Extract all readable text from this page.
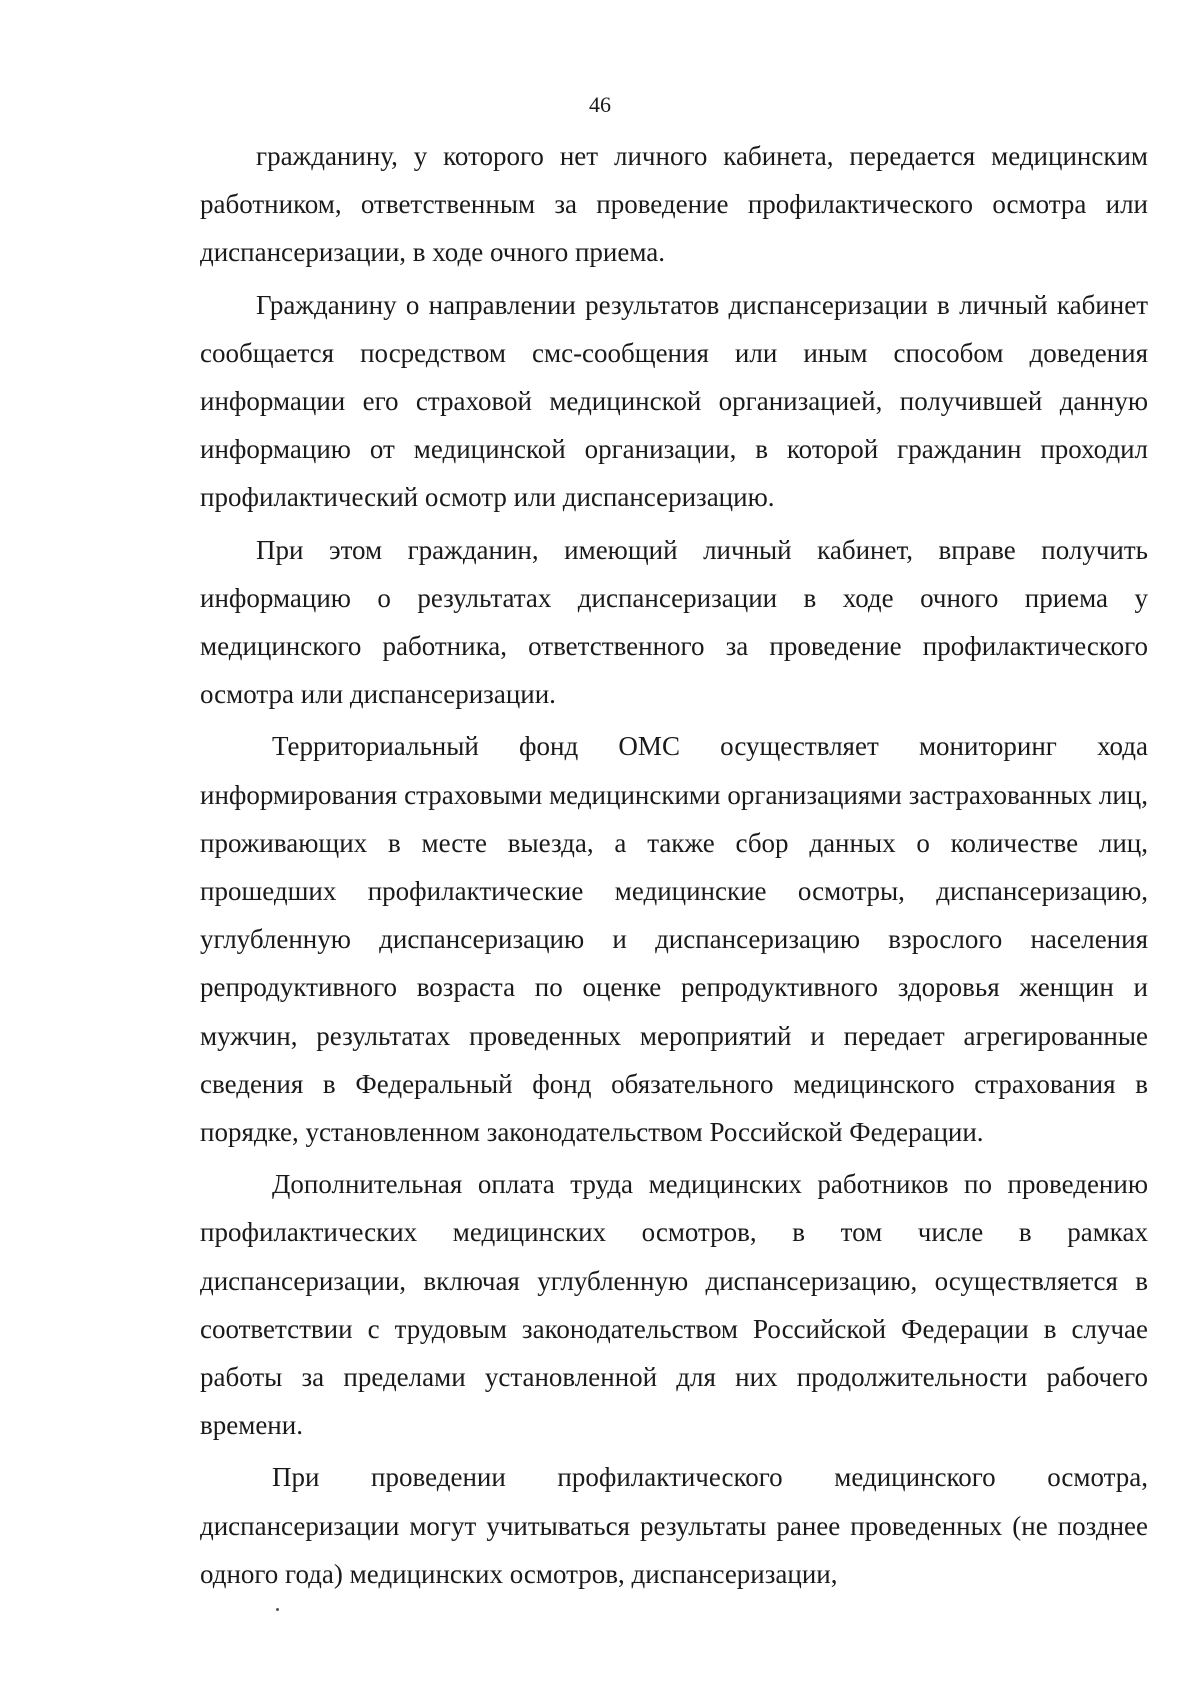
46

гражданину, у которого нет личного кабинета, передается медицинским работником, ответственным за проведение профилактического осмотра или диспансеризации, в ходе очного приема.

Гражданину о направлении результатов диспансеризации в личный кабинет сообщается посредством смс-сообщения или иным способом доведения информации его страховой медицинской организацией, получившей данную информацию от медицинской организации, в которой гражданин проходил профилактический осмотр или диспансеризацию.

При этом гражданин, имеющий личный кабинет, вправе получить информацию о результатах диспансеризации в ходе очного приема у медицинского работника, ответственного за проведение профилактического осмотра или диспансеризации.

Территориальный фонд ОМС осуществляет мониторинг хода информирования страховыми медицинскими организациями застрахованных лиц, проживающих в месте выезда, а также сбор данных о количестве лиц, прошедших профилактические медицинские осмотры, диспансеризацию, углубленную диспансеризацию и диспансеризацию взрослого населения репродуктивного возраста по оценке репродуктивного здоровья женщин и мужчин, результатах проведенных мероприятий и передает агрегированные сведения в Федеральный фонд обязательного медицинского страхования в порядке, установленном законодательством Российской Федерации.

Дополнительная оплата труда медицинских работников по проведению профилактических медицинских осмотров, в том числе в рамках диспансеризации, включая углубленную диспансеризацию, осуществляется в соответствии с трудовым законодательством Российской Федерации в случае работы за пределами установленной для них продолжительности рабочего времени.

При проведении профилактического медицинского осмотра, диспансеризации могут учитываться результаты ранее проведенных (не позднее одного года) медицинских осмотров, диспансеризации,
